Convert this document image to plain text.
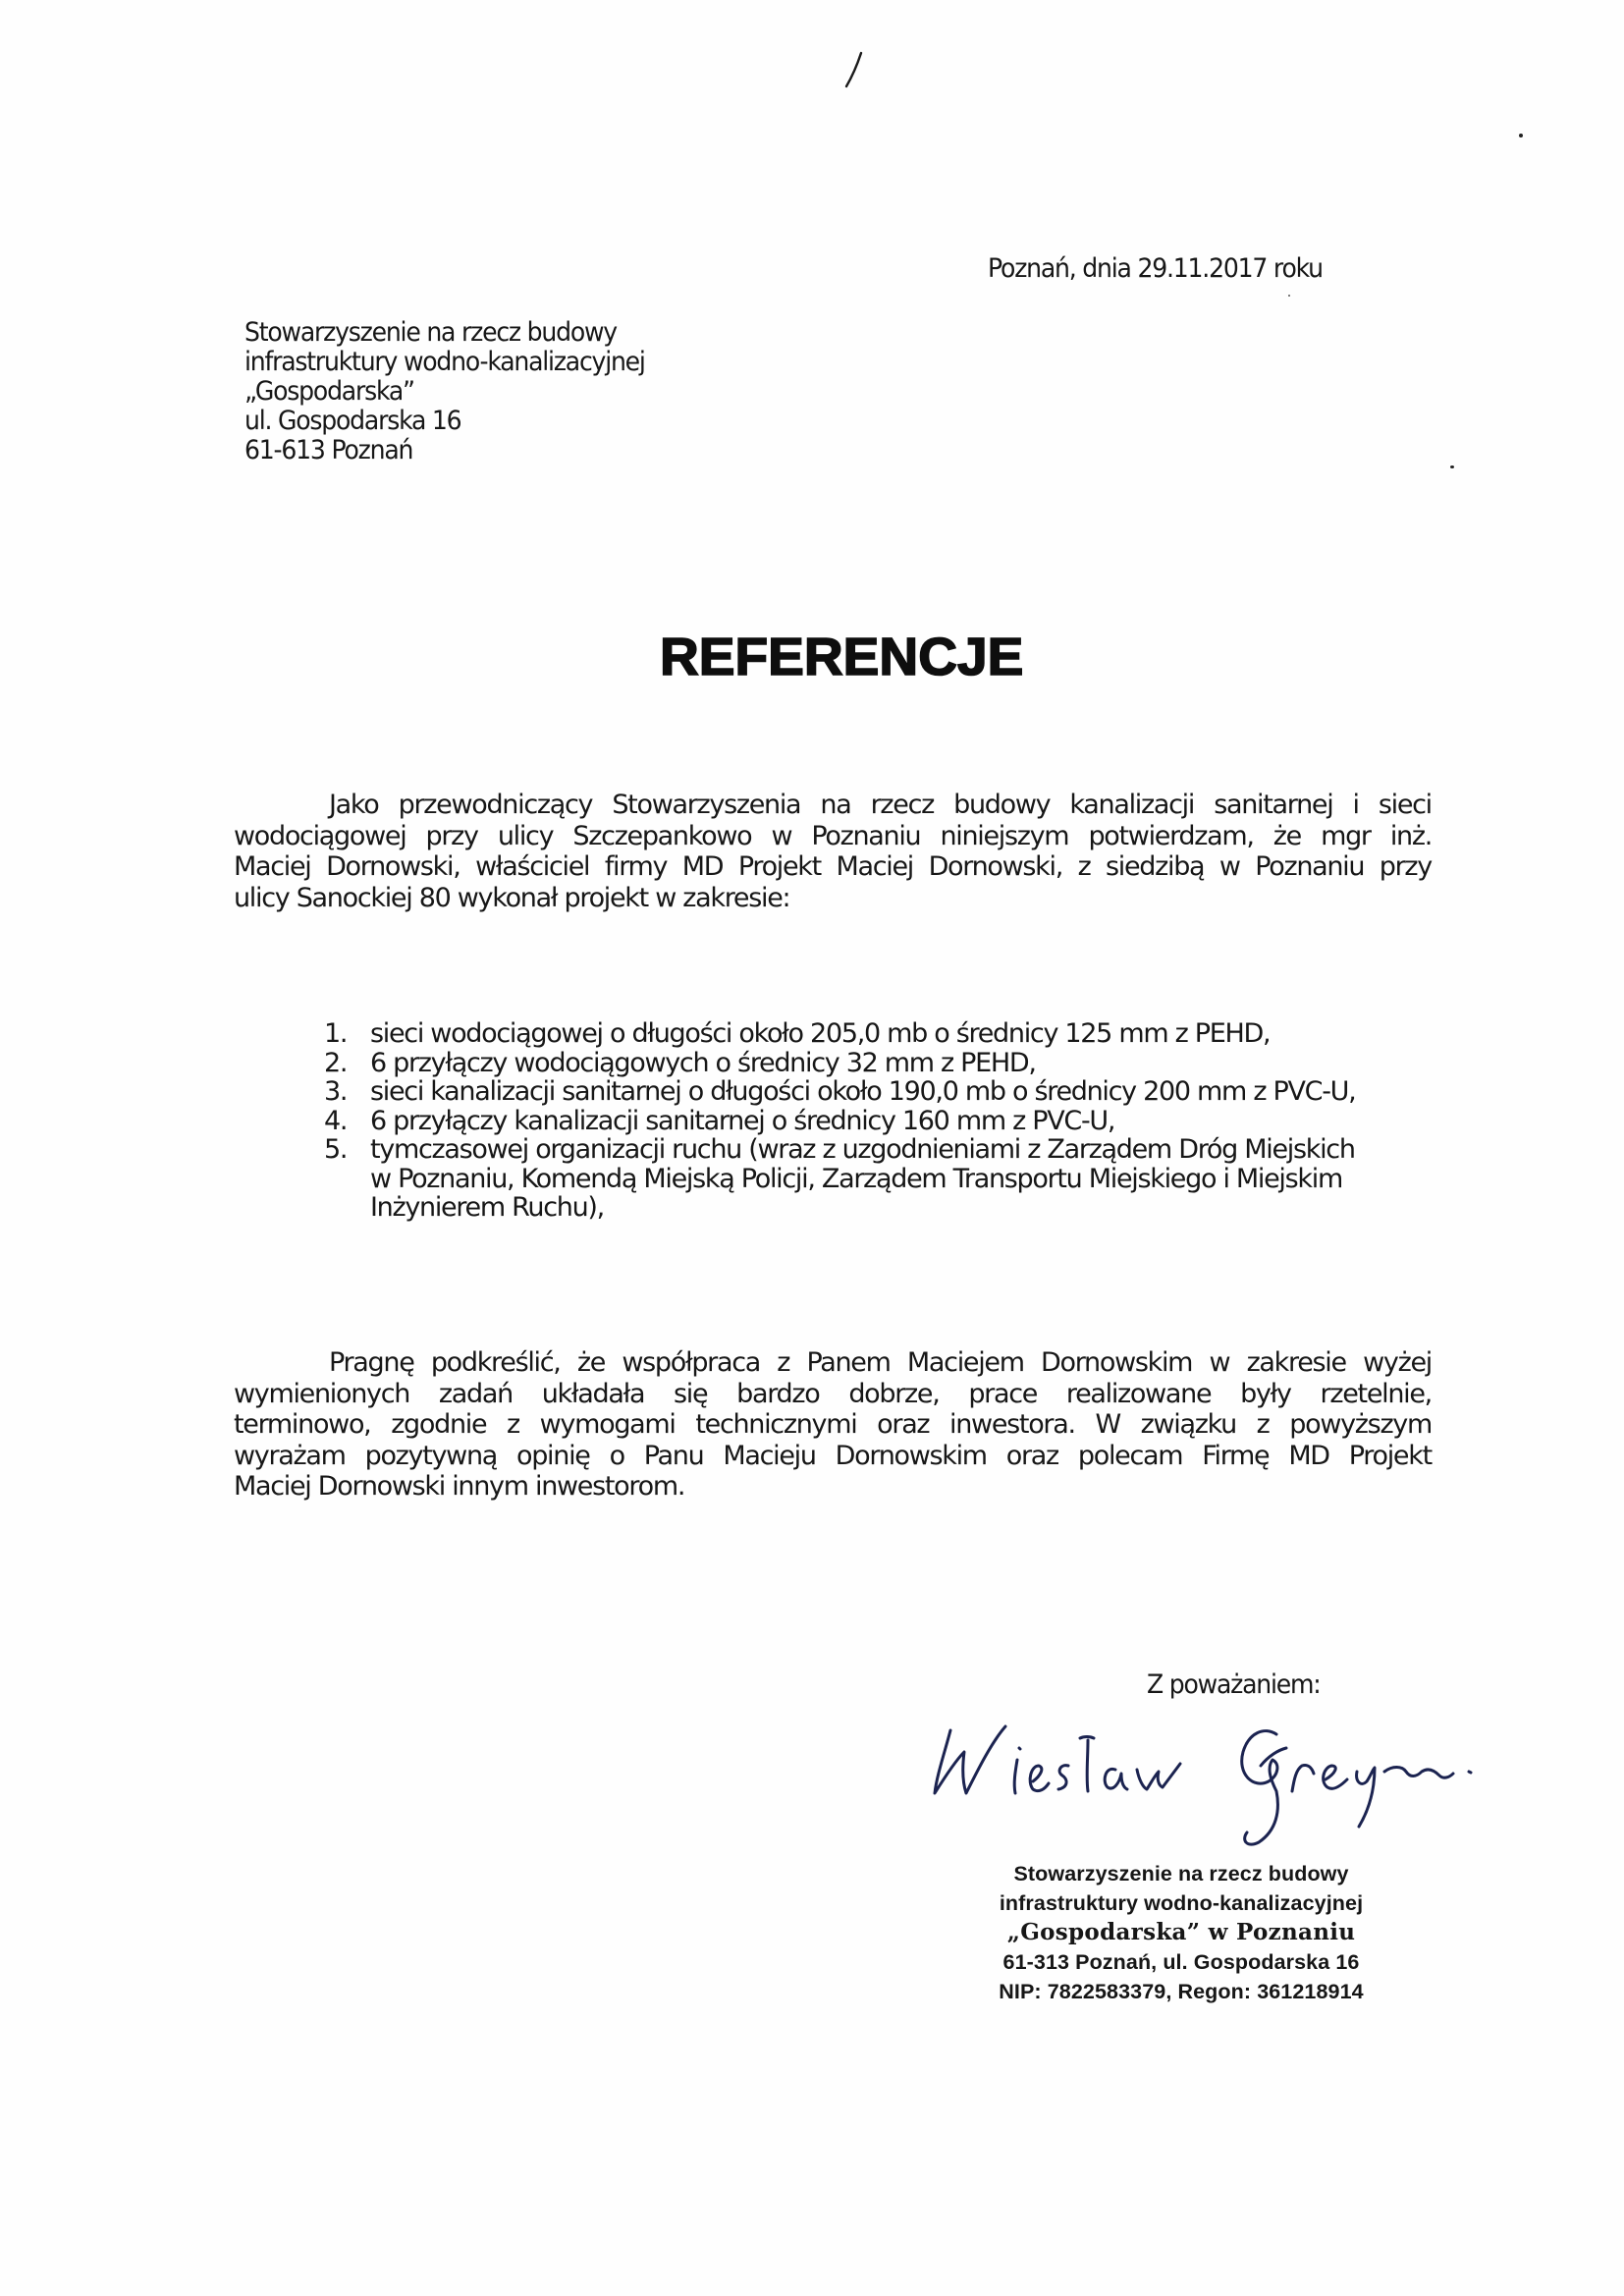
Poznań, dnia 29.11.2017 roku
Stowarzyszenie na rzecz budowy
infrastruktury wodno-kanalizacyjnej
„Gospodarska”
ul. Gospodarska 16
61-613 Poznań
REFERENCJE
Jako przewodniczący Stowarzyszenia na rzecz budowy kanalizacji sanitarnej i sieci
wodociągowej przy ulicy Szczepankowo w Poznaniu niniejszym potwierdzam, że mgr inż.
Maciej Dornowski, właściciel firmy MD Projekt Maciej Dornowski, z siedzibą w Poznaniu przy
ulicy Sanockiej 80 wykonał projekt w zakresie:
1. sieci wodociągowej o długości około 205,0 mb o średnicy 125 mm z PEHD,
2. 6 przyłączy wodociągowych o średnicy 32 mm z PEHD,
3. sieci kanalizacji sanitarnej o długości około 190,0 mb o średnicy 200 mm z PVC-U,
4. 6 przyłączy kanalizacji sanitarnej o średnicy 160 mm z PVC-U,
5. tymczasowej organizacji ruchu (wraz z uzgodnieniami z Zarządem Dróg Miejskich
w Poznaniu, Komendą Miejską Policji, Zarządem Transportu Miejskiego i Miejskim
Inżynierem Ruchu),
Pragnę podkreślić, że współpraca z Panem Maciejem Dornowskim w zakresie wyżej
wymienionych zadań układała się bardzo dobrze, prace realizowane były rzetelnie,
terminowo, zgodnie z wymogami technicznymi oraz inwestora. W związku z powyższym
wyrażam pozytywną opinię o Panu Macieju Dornowskim oraz polecam Firmę MD Projekt
Maciej Dornowski innym inwestorom.
Z poważaniem:
Stowarzyszenie na rzecz budowy
infrastruktury wodno-kanalizacyjnej
„Gospodarska” w Poznaniu
61-313 Poznań, ul. Gospodarska 16
NIP: 7822583379, Regon: 361218914
